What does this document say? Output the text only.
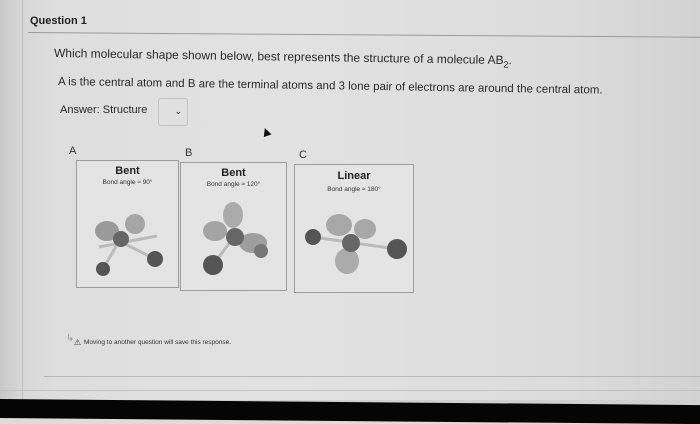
Question 1
Which molecular shape shown below, best represents the structure of a molecule $AB_2$.
A is the central atom and B are the terminal atoms and 3 lone pair of electrons are around the central atom.
Answer: Structure	⌄
▲
A	B	C
Bent
Bond angle ≈ 90°
Bent
Bond angle ≈ 120°
Linear
Bond angle ≈ 180°
↳ ⚠ Moving to another question will save this response.
